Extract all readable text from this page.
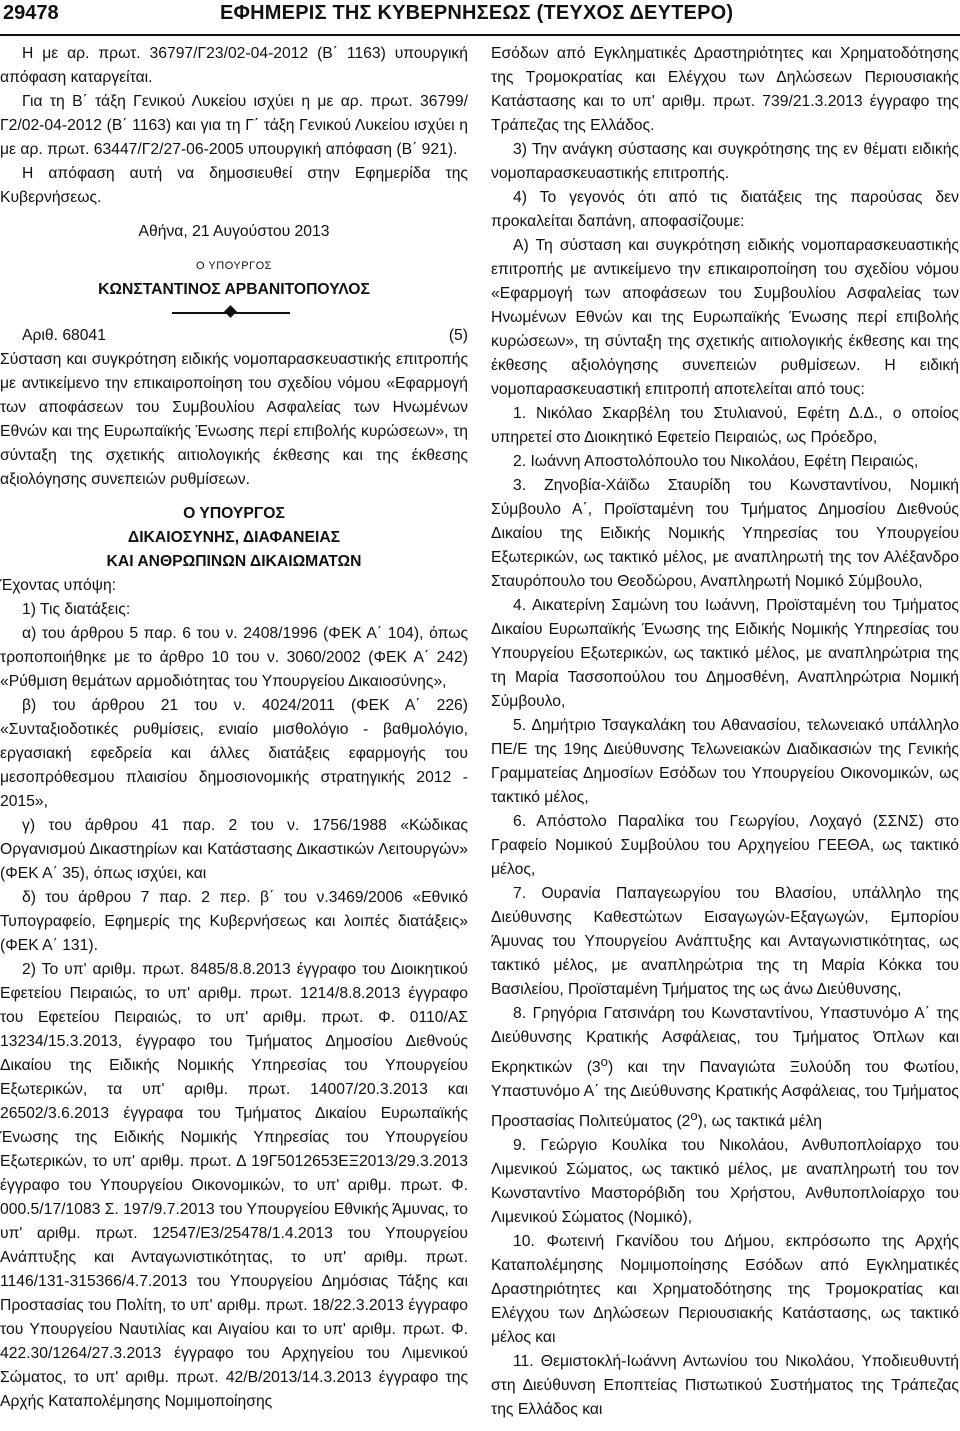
29478	ΕΦΗΜΕΡΙΣ ΤΗΣ ΚΥΒΕΡΝΗΣΕΩΣ (ΤΕΥΧΟΣ ΔΕΥΤΕΡΟ)

Η με αρ. πρωτ. 36797/Γ23/02‑04‑2012 (Β΄ 1163) υπουργική απόφαση καταργείται.

Για τη Β΄ τάξη Γενικού Λυκείου ισχύει η με αρ. πρωτ. 36799/Γ2/02‑04‑2012 (Β΄ 1163) και για τη Γ΄ τάξη Γενικού Λυκείου ισχύει η με αρ. πρωτ. 63447/Γ2/27‑06‑2005 υπουργική απόφαση (Β΄ 921).

Η απόφαση αυτή να δημοσιευθεί στην Εφημερίδα της Κυβερνήσεως.

Αθήνα, 21 Αυγούστου 2013

Ο ΥΠΟΥΡΓΟΣ

ΚΩΝΣΤΑΝΤΙΝΟΣ ΑΡΒΑΝΙΤΟΠΟΥΛΟΣ

Αριθ. 68041	(5)

Σύσταση και συγκρότηση ειδικής νομοπαρασκευαστικής επιτροπής με αντικείμενο την επικαιροποίηση του σχεδίου νόμου «Εφαρμογή των αποφάσεων του Συμβουλίου Ασφαλείας των Ηνωμένων Εθνών και της Ευρωπαϊκής Ένωσης περί επιβολής κυρώσεων», τη σύνταξη της σχετικής αιτιολογικής έκθεσης και της έκθεσης αξιολόγησης συνεπειών ρυθμίσεων.

Ο ΥΠΟΥΡΓΟΣ

ΔΙΚΑΙΟΣΥΝΗΣ, ΔΙΑΦΑΝΕΙΑΣ

ΚΑΙ ΑΝΘΡΩΠΙΝΩΝ ΔΙΚΑΙΩΜΑΤΩΝ

Έχοντας υπόψη:

1) Τις διατάξεις:

α) του άρθρου 5 παρ. 6 του ν. 2408/1996 (ΦΕΚ Α΄ 104), όπως τροποποιήθηκε με το άρθρο 10 του ν. 3060/2002 (ΦΕΚ Α΄ 242) «Ρύθμιση θεμάτων αρμοδιότητας του Υπουργείου Δικαιοσύνης»,

β) του άρθρου 21 του ν. 4024/2011 (ΦΕΚ Α΄ 226) «Συνταξιοδοτικές ρυθμίσεις, ενιαίο μισθολόγιο ‑ βαθμολόγιο, εργασιακή εφεδρεία και άλλες διατάξεις εφαρμογής του μεσοπρόθεσμου πλαισίου δημοσιονομικής στρατηγικής 2012 ‑ 2015»,

γ) του άρθρου 41 παρ. 2 του ν. 1756/1988 «Κώδικας Οργανισμού Δικαστηρίων και Κατάστασης Δικαστικών Λειτουργών» (ΦΕΚ Α΄ 35), όπως ισχύει, και

δ) του άρθρου 7 παρ. 2 περ. β΄ του ν.3469/2006 «Εθνικό Τυπογραφείο, Εφημερίς της Κυβερνήσεως και λοιπές διατάξεις» (ΦΕΚ Α΄ 131).

2) Το υπ' αριθμ. πρωτ. 8485/8.8.2013 έγγραφο του Διοικητικού Εφετείου Πειραιώς, το υπ' αριθμ. πρωτ. 1214/8.8.2013 έγγραφο του Εφετείου Πειραιώς, το υπ' αριθμ. πρωτ. Φ. 0110/ΑΣ 13234/15.3.2013, έγγραφο του Τμήματος Δημοσίου Διεθνούς Δικαίου της Ειδικής Νομικής Υπηρεσίας του Υπουργείου Εξωτερικών, τα υπ' αριθμ. πρωτ. 14007/20.3.2013 και 26502/3.6.2013 έγγραφα του Τμήματος Δικαίου Ευρωπαϊκής Ένωσης της Ειδικής Νομικής Υπηρεσίας του Υπουργείου Εξωτερικών, το υπ' αριθμ. πρωτ. Δ 19Γ5012653ΕΞ2013/29.3.2013 έγγραφο του Υπουργείου Οικονομικών, το υπ' αριθμ. πρωτ. Φ. 000.5/17/1083 Σ. 197/9.7.2013 του Υπουργείου Εθνικής Άμυνας, το υπ' αριθμ. πρωτ. 12547/Ε3/25478/1.4.2013 του Υπουργείου Ανάπτυξης και Ανταγωνιστικότητας, το υπ' αριθμ. πρωτ. 1146/131‑315366/4.7.2013 του Υπουργείου Δημόσιας Τάξης και Προστασίας του Πολίτη, το υπ' αριθμ. πρωτ. 18/22.3.2013 έγγραφο του Υπουργείου Ναυτιλίας και Αιγαίου και το υπ' αριθμ. πρωτ. Φ. 422.30/1264/27.3.2013 έγγραφο του Αρχηγείου του Λιμενικού Σώματος, το υπ' αριθμ. πρωτ. 42/Β/2013/14.3.2013 έγγραφο της Αρχής Καταπολέμησης Νομιμοποίησης

Εσόδων από Εγκληματικές Δραστηριότητες και Χρηματοδότησης της Τρομοκρατίας και Ελέγχου των Δηλώσεων Περιουσιακής Κατάστασης και το υπ' αριθμ. πρωτ. 739/21.3.2013 έγγραφο της Τράπεζας της Ελλάδος.

3) Την ανάγκη σύστασης και συγκρότησης της εν θέματι ειδικής νομοπαρασκευαστικής επιτροπής.

4) Το γεγονός ότι από τις διατάξεις της παρούσας δεν προκαλείται δαπάνη, αποφασίζουμε:

Α) Τη σύσταση και συγκρότηση ειδικής νομοπαρασκευαστικής επιτροπής με αντικείμενο την επικαιροποίηση του σχεδίου νόμου «Εφαρμογή των αποφάσεων του Συμβουλίου Ασφαλείας των Ηνωμένων Εθνών και της Ευρωπαϊκής Ένωσης περί επιβολής κυρώσεων», τη σύνταξη της σχετικής αιτιολογικής έκθεσης και της έκθεσης αξιολόγησης συνεπειών ρυθμίσεων. Η ειδική νομοπαρασκευαστική επιτροπή αποτελείται από τους:

1. Νικόλαο Σκαρβέλη του Στυλιανού, Εφέτη Δ.Δ., ο οποίος υπηρετεί στο Διοικητικό Εφετείο Πειραιώς, ως Πρόεδρο,

2. Ιωάννη Αποστολόπουλο του Νικολάου, Εφέτη Πειραιώς,

3. Ζηνοβία‑Χάϊδω Σταυρίδη του Κωνσταντίνου, Νομική Σύμβουλο Α΄, Προϊσταμένη του Τμήματος Δημοσίου Διεθνούς Δικαίου της Ειδικής Νομικής Υπηρεσίας του Υπουργείου Εξωτερικών, ως τακτικό μέλος, με αναπληρωτή της τον Αλέξανδρο Σταυρόπουλο του Θεοδώρου, Αναπληρωτή Νομικό Σύμβουλο,

4. Αικατερίνη Σαμώνη του Ιωάννη, Προϊσταμένη του Τμήματος Δικαίου Ευρωπαϊκής Ένωσης της Ειδικής Νομικής Υπηρεσίας του Υπουργείου Εξωτερικών, ως τακτικό μέλος, με αναπληρώτρια της τη Μαρία Τασσοπούλου του Δημοσθένη, Αναπληρώτρια Νομική Σύμβουλο,

5. Δημήτριο Τσαγκαλάκη του Αθανασίου, τελωνειακό υπάλληλο ΠΕ/Ε της 19ης Διεύθυνσης Τελωνειακών Διαδικασιών της Γενικής Γραμματείας Δημοσίων Εσόδων του Υπουργείου Οικονομικών, ως τακτικό μέλος,

6. Απόστολο Παραλίκα του Γεωργίου, Λοχαγό (ΣΣΝΣ) στο Γραφείο Νομικού Συμβούλου του Αρχηγείου ΓΕΕΘΑ, ως τακτικό μέλος,

7. Ουρανία Παπαγεωργίου του Βλασίου, υπάλληλο της Διεύθυνσης Καθεστώτων Εισαγωγών‑Εξαγωγών, Εμπορίου Άμυνας του Υπουργείου Ανάπτυξης και Ανταγωνιστικότητας, ως τακτικό μέλος, με αναπληρώτρια της τη Μαρία Κόκκα του Βασιλείου, Προϊσταμένη Τμήματος της ως άνω Διεύθυνσης,

8. Γρηγόρια Γατσινάρη του Κωνσταντίνου, Υπαστυνόμο Α΄ της Διεύθυνσης Κρατικής Ασφάλειας, του Τμήματος Όπλων και Εκρηκτικών $(3^o)$ και την Παναγιώτα Ξυλούδη του Φωτίου, Υπαστυνόμο Α΄ της Διεύθυνσης Κρατικής Ασφάλειας, του Τμήματος Προστασίας Πολιτεύματος $(2^o)$, ως τακτικά μέλη

9. Γεώργιο Κουλίκα του Νικολάου, Ανθυποπλοίαρχο του Λιμενικού Σώματος, ως τακτικό μέλος, με αναπληρωτή του τον Κωνσταντίνο Μαστορόβιδη του Χρήστου, Ανθυποπλοίαρχο του Λιμενικού Σώματος (Νομικό),

10. Φωτεινή Γκανίδου του Δήμου, εκπρόσωπο της Αρχής Καταπολέμησης Νομιμοποίησης Εσόδων από Εγκληματικές Δραστηριότητες και Χρηματοδότησης της Τρομοκρατίας και Ελέγχου των Δηλώσεων Περιουσιακής Κατάστασης, ως τακτικό μέλος και

11. Θεμιστοκλή‑Ιωάννη Αντωνίου του Νικολάου, Υποδιευθυντή στη Διεύθυνση Εποπτείας Πιστωτικού Συστήματος της Τράπεζας της Ελλάδος και
